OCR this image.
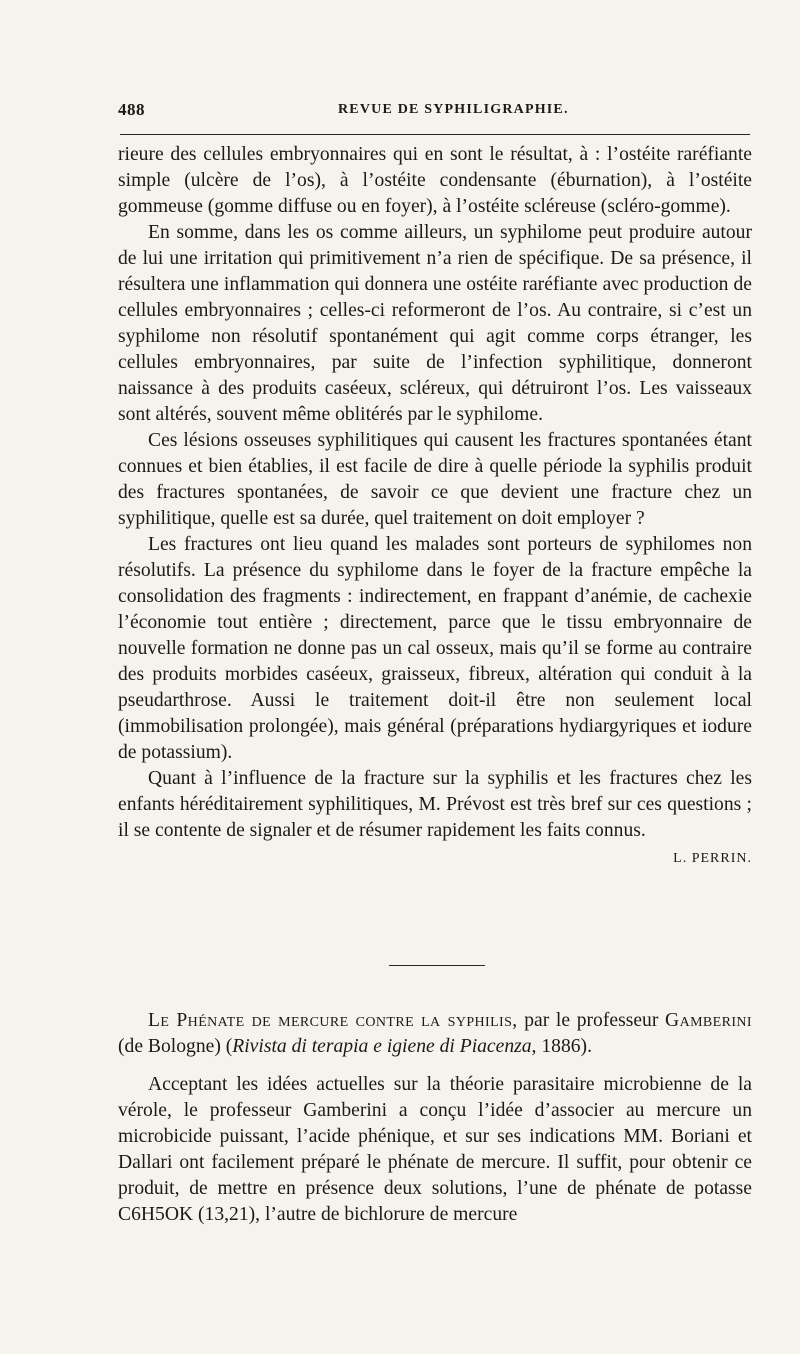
488	REVUE DE SYPHILIGRAPHIE.

rieure des cellules embryonnaires qui en sont le résultat, à : l’ostéite raréfiante simple (ulcère de l’os), à l’ostéite condensante (éburnation), à l’ostéite gommeuse (gomme diffuse ou en foyer), à l’ostéite scléreuse (scléro-gomme).

En somme, dans les os comme ailleurs, un syphilome peut produire autour de lui une irritation qui primitivement n’a rien de spécifique. De sa présence, il résultera une inflammation qui donnera une ostéite raréfiante avec production de cellules embryonnaires ; celles-ci reformeront de l’os. Au contraire, si c’est un syphilome non résolutif spontanément qui agit comme corps étranger, les cellules embryonnaires, par suite de l’infection syphilitique, donneront naissance à des produits caséeux, scléreux, qui détruiront l’os. Les vaisseaux sont altérés, souvent même oblitérés par le syphilome.

Ces lésions osseuses syphilitiques qui causent les fractures spontanées étant connues et bien établies, il est facile de dire à quelle période la syphilis produit des fractures spontanées, de savoir ce que devient une fracture chez un syphilitique, quelle est sa durée, quel traitement on doit employer ?

Les fractures ont lieu quand les malades sont porteurs de syphilomes non résolutifs. La présence du syphilome dans le foyer de la fracture empêche la consolidation des fragments : indirectement, en frappant d’anémie, de cachexie l’économie tout entière ; directement, parce que le tissu embryonnaire de nouvelle formation ne donne pas un cal osseux, mais qu’il se forme au contraire des produits morbides caséeux, graisseux, fibreux, altération qui conduit à la pseudarthrose. Aussi le traitement doit-il être non seulement local (immobilisation prolongée), mais général (préparations hydiargyriques et iodure de potassium).

Quant à l’influence de la fracture sur la syphilis et les fractures chez les enfants héréditairement syphilitiques, M. Prévost est très bref sur ces questions ; il se contente de signaler et de résumer rapidement les faits connus.
L. PERRIN.

Le Phénate de mercure contre la syphilis, par le professeur Gamberini (de Bologne) (Rivista di terapia e igiene di Piacenza, 1886).

Acceptant les idées actuelles sur la théorie parasitaire microbienne de la vérole, le professeur Gamberini a conçu l’idée d’associer au mercure un microbicide puissant, l’acide phénique, et sur ses indications MM. Boriani et Dallari ont facilement préparé le phénate de mercure. Il suffit, pour obtenir ce produit, de mettre en présence deux solutions, l’une de phénate de potasse C6H5OK (13,21), l’autre de bichlorure de mercure
